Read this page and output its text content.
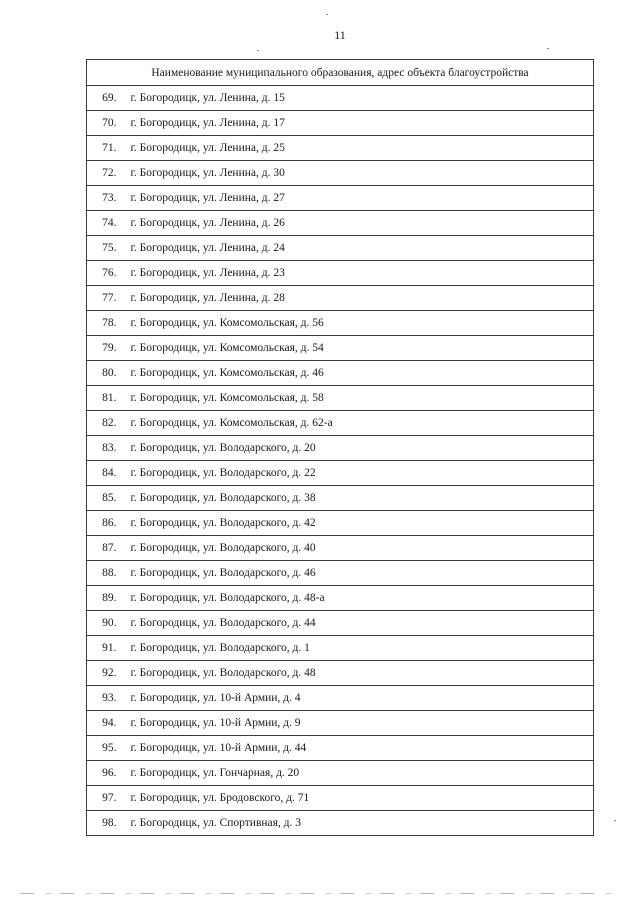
11
Наименование муниципального образования, адрес объекта благоустройства	
69.	г. Богородицк, ул. Ленина, д. 15
70.	г. Богородицк, ул. Ленина, д. 17
71.	г. Богородицк, ул. Ленина, д. 25
72.	г. Богородицк, ул. Ленина, д. 30
73.	г. Богородицк, ул. Ленина, д. 27
74.	г. Богородицк, ул. Ленина, д. 26
75.	г. Богородицк, ул. Ленина, д. 24
76.	г. Богородицк, ул. Ленина, д. 23
77.	г. Богородицк, ул. Ленина, д. 28
78.	г. Богородицк, ул. Комсомольская, д. 56
79.	г. Богородицк, ул. Комсомольская, д. 54
80.	г. Богородицк, ул. Комсомольская, д. 46
81.	г. Богородицк, ул. Комсомольская, д. 58
82.	г. Богородицк, ул. Комсомольская, д. 62-а
83.	г. Богородицк, ул. Володарского, д. 20
84.	г. Богородицк, ул. Володарского, д. 22
85.	г. Богородицк, ул. Володарского, д. 38
86.	г. Богородицк, ул. Володарского, д. 42
87.	г. Богородицк, ул. Володарского, д. 40
88.	г. Богородицк, ул. Володарского, д. 46
89.	г. Богородицк, ул. Володарского, д. 48-а
90.	г. Богородицк, ул. Володарского, д. 44
91.	г. Богородицк, ул. Володарского, д. 1
92.	г. Богородицк, ул. Володарского, д. 48
93.	г. Богородицк, ул. 10-й Армии, д. 4
94.	г. Богородицк, ул. 10-й Армии, д. 9
95.	г. Богородицк, ул. 10-й Армии, д. 44
96.	г. Богородицк, ул. Гончарная, д. 20
97.	г. Богородицк, ул. Бродовского, д. 71
98.	г. Богородицк, ул. Спортивная, д. 3
